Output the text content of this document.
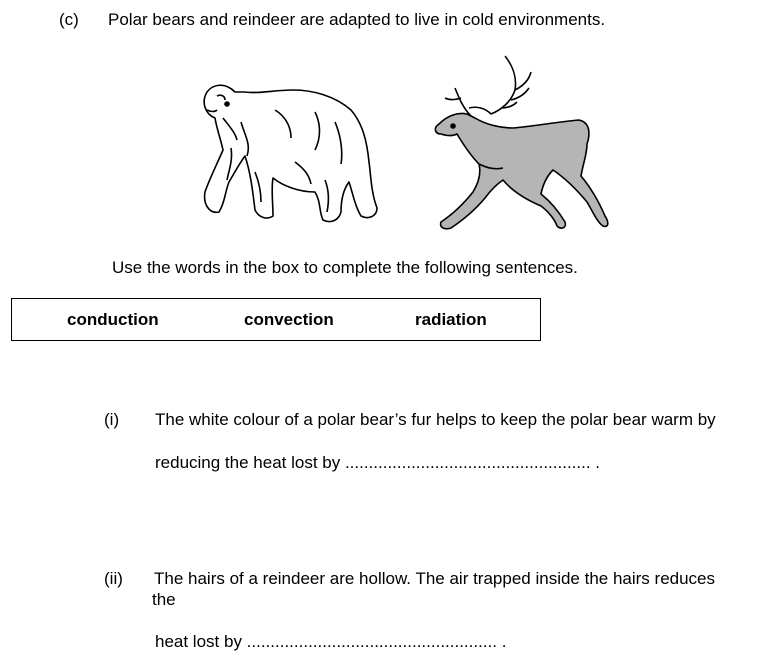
(c) Polar bears and reindeer are adapted to live in cold environments.
Use the words in the box to complete the following sentences.
conduction	convection	radiation
(i) The white colour of a polar bear’s fur helps to keep the polar bear warm by
reducing the heat lost by .................................................... .
(ii) The hairs of a reindeer are hollow. The air trapped inside the hairs reduces
the
heat lost by ..................................................... .
